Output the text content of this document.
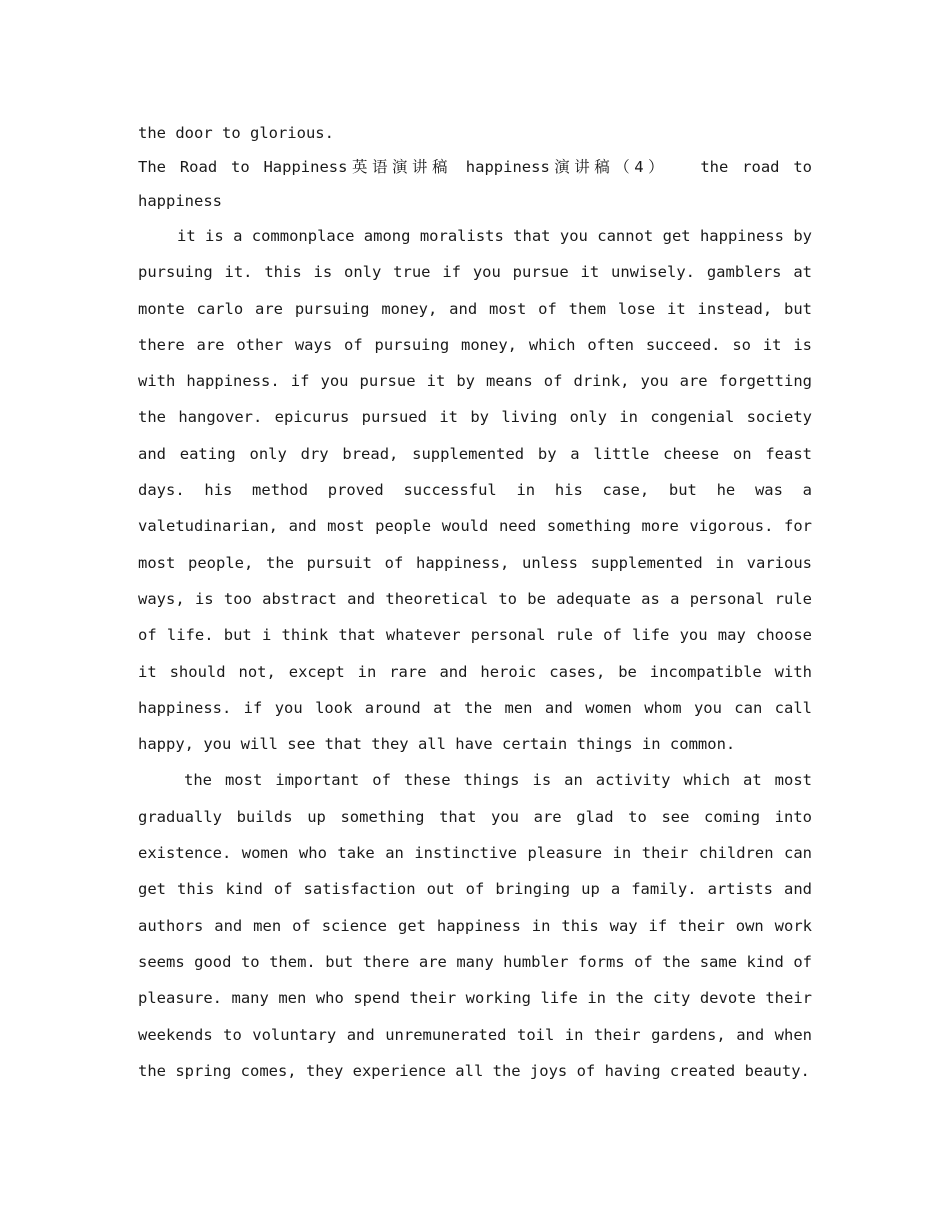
the door to glorious.

The Road to Happiness英语演讲稿 happiness演讲稿（4）　　the road to

happiness

it is a commonplace among moralists that you cannot get happiness by pursuing it. this is only true if you pursue it unwisely. gamblers at monte carlo are pursuing money, and most of them lose it instead, but there are other ways of pursuing money, which often succeed. so it is with happiness. if you pursue it by means of drink, you are forgetting the hangover. epicurus pursued it by living only in congenial society and eating only dry bread, supplemented by a little cheese on feast days. his method proved successful in his case, but he was a valetudinarian, and most people would need something more vigorous. for most people, the pursuit of happiness, unless supplemented in various ways, is too abstract and theoretical to be adequate as a personal rule of life. but i think that whatever personal rule of life you may choose it should not, except in rare and heroic cases, be incompatible with happiness. if you look around at the men and women whom you can call happy, you will see that they all have certain things in common.

the most important of these things is an activity which at most gradually builds up something that you are glad to see coming into existence. women who take an instinctive pleasure in their children can get this kind of satisfaction out of bringing up a family. artists and authors and men of science get happiness in this way if their own work seems good to them. but there are many humbler forms of the same kind of pleasure. many men who spend their working life in the city devote their weekends to voluntary and unremunerated toil in their gardens, and when the spring comes, they experience all the joys of having created beauty.
